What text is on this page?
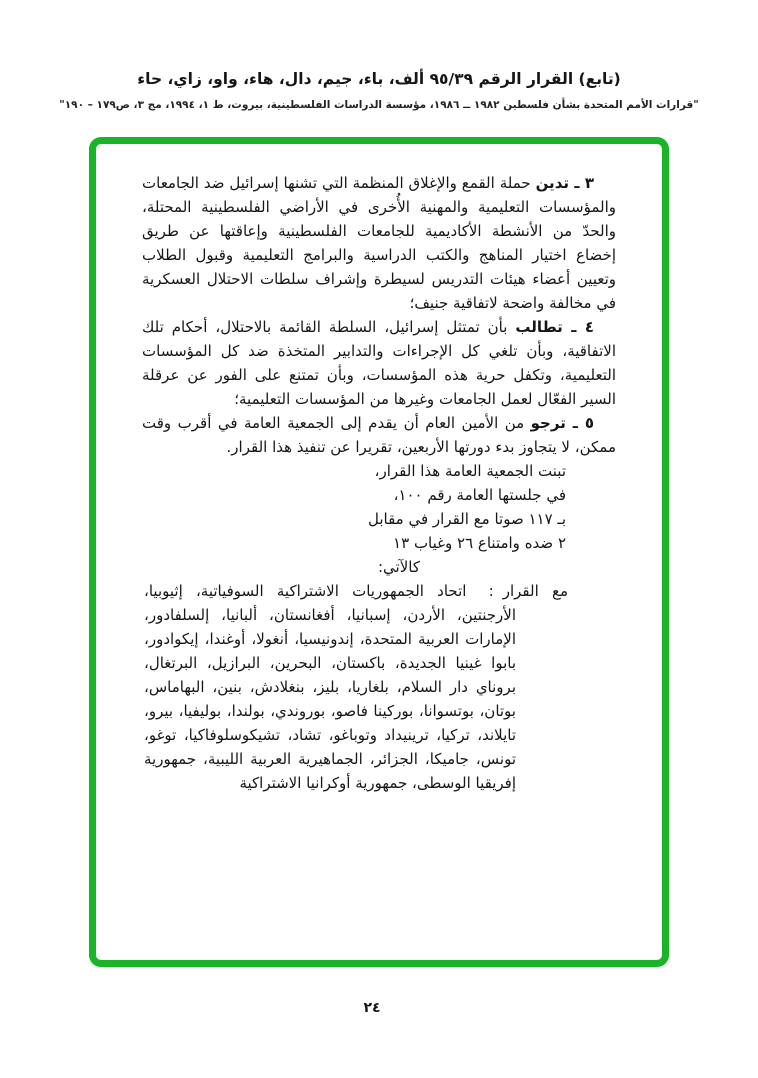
(تابع) القرار الرقم ٩٥/٣٩ ألف، باء، جيم، دال، هاء، واو، زاي، حاء
"قرارات الأمم المتحدة بشأن فلسطين ١٩٨٢ ــ ١٩٨٦، مؤسسة الدراسات الفلسطينية، بيروت، ط ١، ١٩٩٤، مج ٣، ص١٧٩ – ١٩٠"

٣ ـ تدين حملة القمع والإغلاق المنظمة التي تشنها إسرائيل ضد الجامعات والمؤسسات التعليمية والمهنية الأُخرى في الأراضي الفلسطينية المحتلة، والحدّ من الأنشطة الأكاديمية للجامعات الفلسطينية وإعاقتها عن طريق إخضاع اختيار المناهج والكتب الدراسية والبرامج التعليمية وقبول الطلاب وتعيين أعضاء هيئات التدريس لسيطرة وإشراف سلطات الاحتلال العسكرية في مخالفة واضحة لاتفاقية جنيف؛

٤ ـ تطالب بأن تمتثل إسرائيل، السلطة القائمة بالاحتلال، أحكام تلك الاتفاقية، وبأن تلغي كل الإجراءات والتدابير المتخذة ضد كل المؤسسات التعليمية، وتكفل حرية هذه المؤسسات، وبأن تمتنع على الفور عن عرقلة السير الفعّال لعمل الجامعات وغيرها من المؤسسات التعليمية؛

٥ ـ ترجو من الأمين العام أن يقدم إلى الجمعية العامة في أقرب وقت ممكن، لا يتجاوز بدء دورتها الأربعين، تقريرا عن تنفيذ هذا القرار.

تبنت الجمعية العامة هذا القرار،
في جلستها العامة رقم ١٠٠،
بـ ١١٧ صوتا مع القرار في مقابل
٢ ضده وامتناع ٢٦ وغياب ١٣
كالآتي:
مع القرار: اتحاد الجمهوريات الاشتراكية السوفياتية، إثيوبيا، الأرجنتين، الأردن، إسبانيا، أفغانستان، ألبانيا، إلسلفادور، الإمارات العربية المتحدة، إندونيسيا، أنغولا، أوغندا، إيكوادور، بابوا غينيا الجديدة، باكستان، البحرين، البرازيل، البرتغال، بروناي دار السلام، بلغاريا، بليز، بنغلادش، بنين، البهاماس، بوتان، بوتسوانا، بوركينا فاصو، بوروندي، بولندا، بوليفيا، بيرو، تايلاند، تركيا، ترينيداد وتوباغو، تشاد، تشيكوسلوفاكيا، توغو، تونس، جاميكا، الجزائر، الجماهيرية العربية الليبية، جمهورية إفريقيا الوسطى، جمهورية أوكرانيا الاشتراكية
٢٤
